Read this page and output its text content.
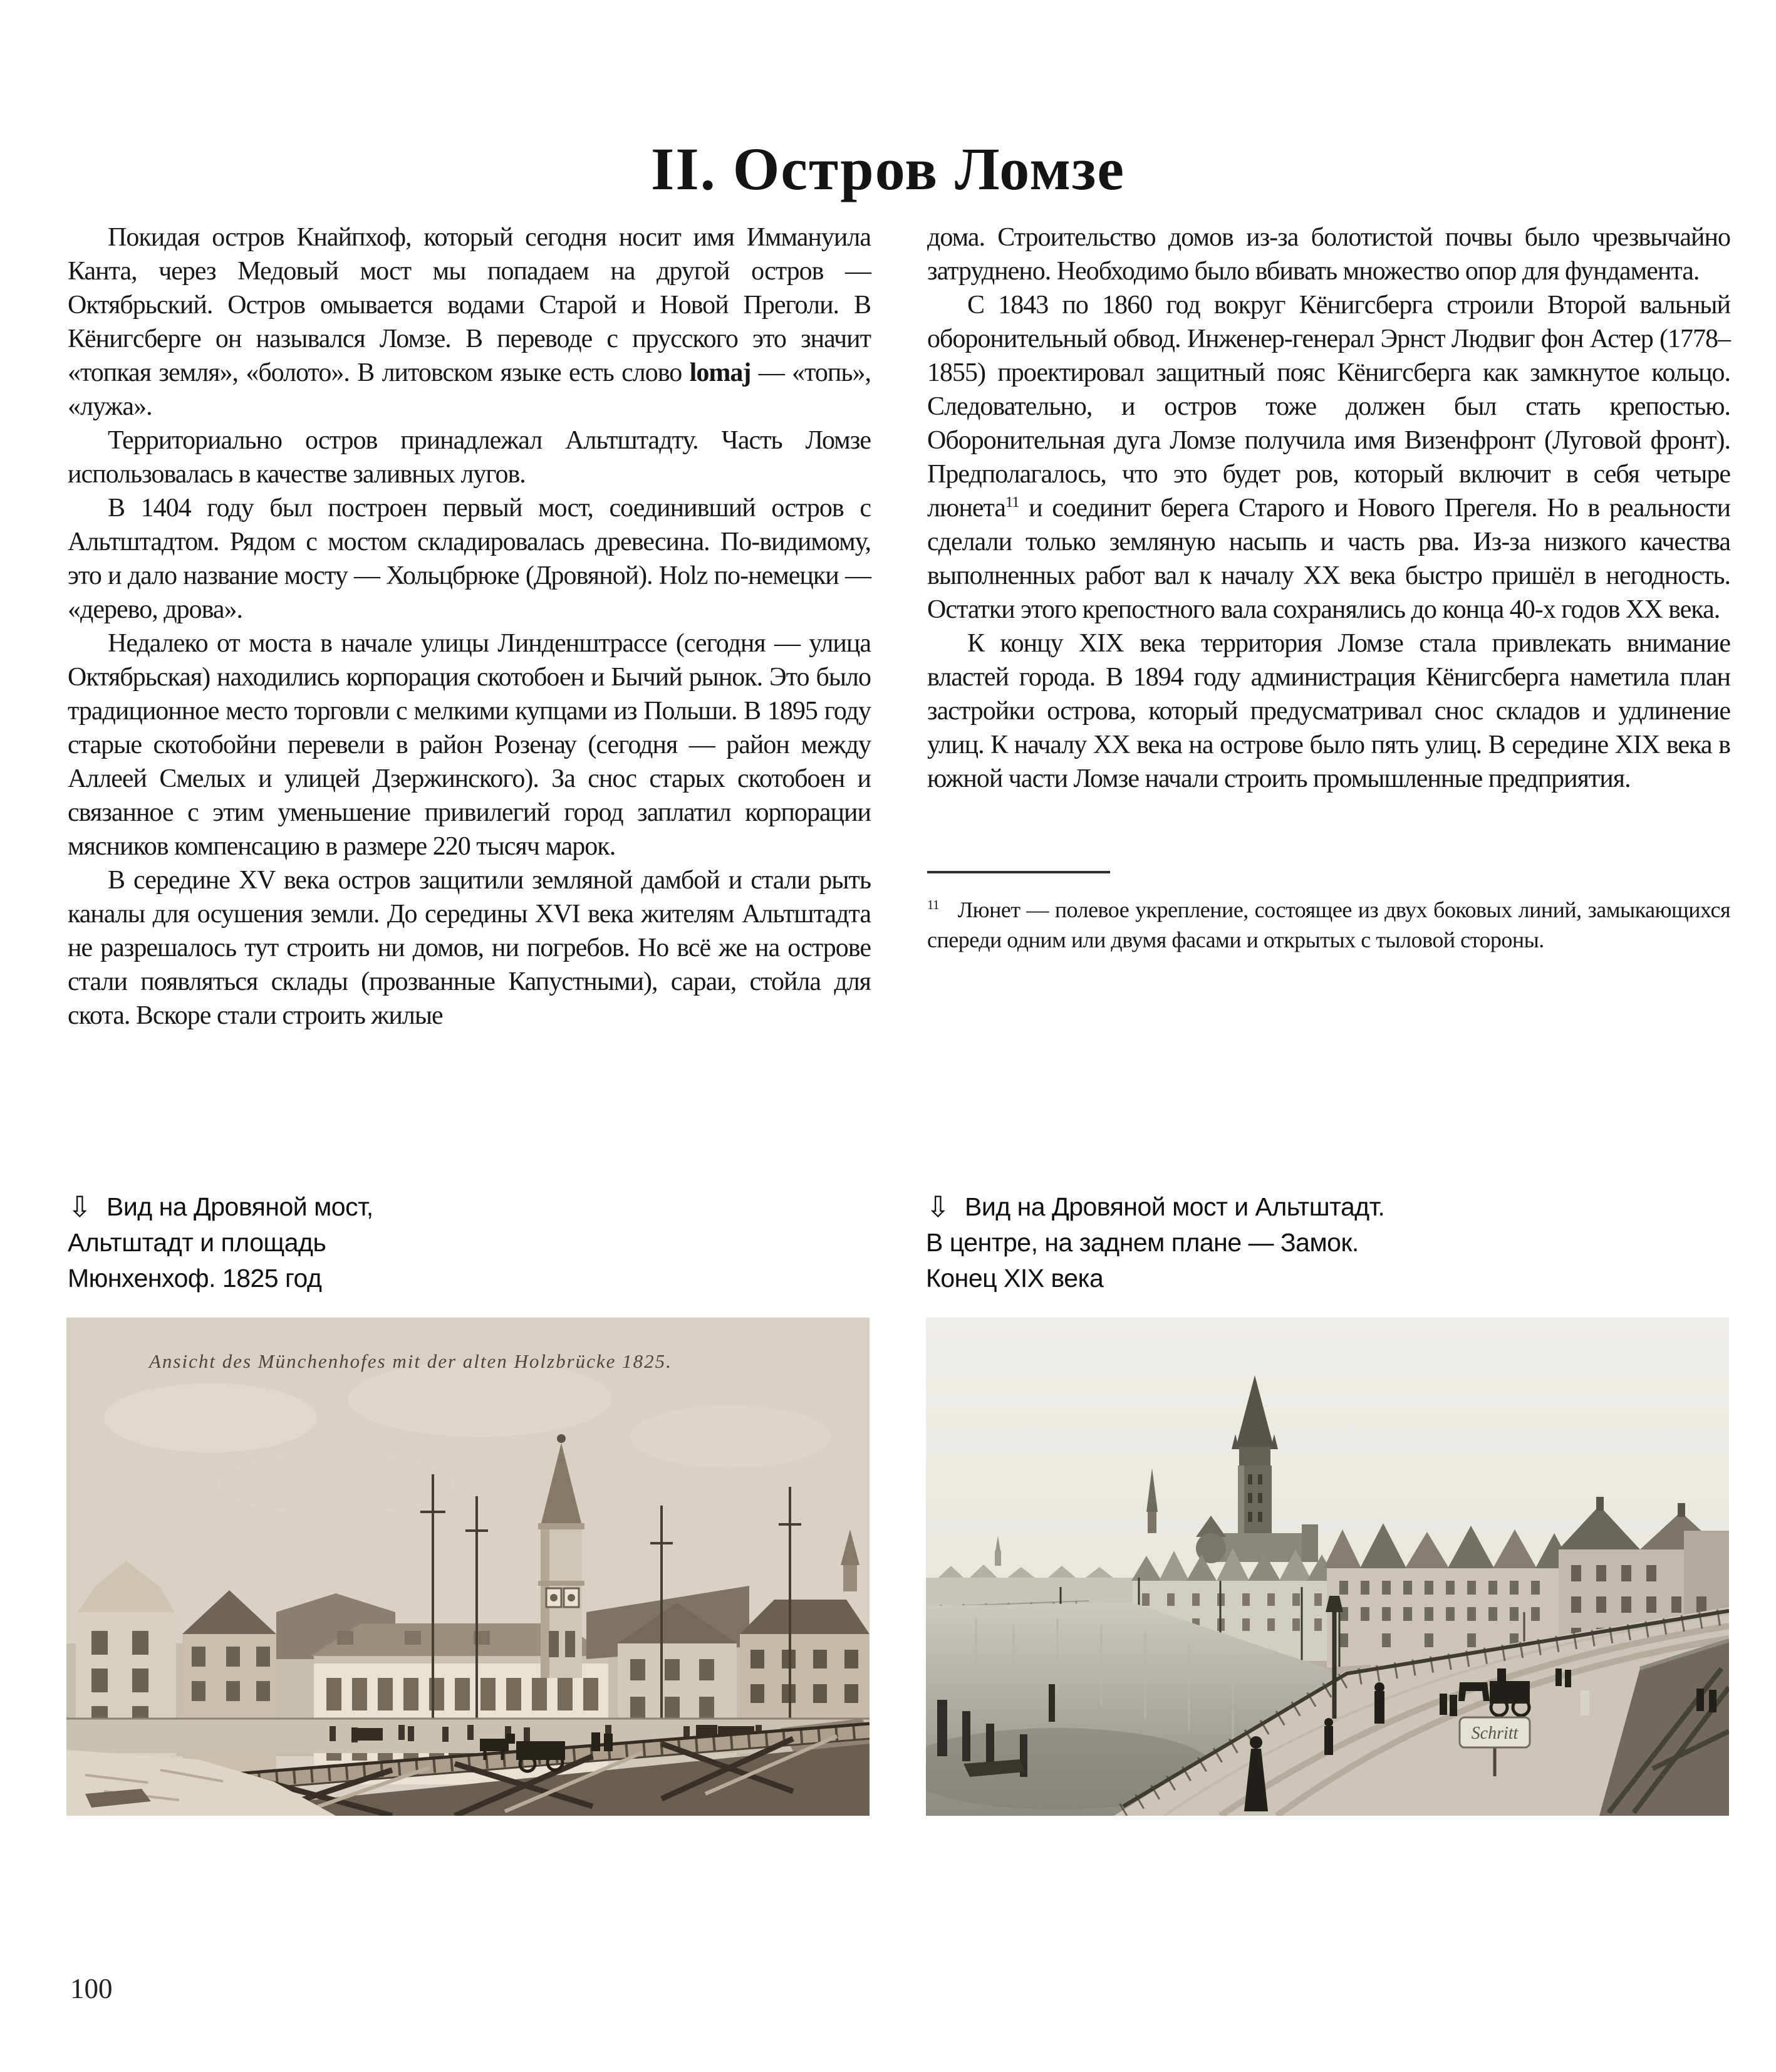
II. Остров Ломзе

Покидая остров Кнайпхоф, который сегодня носит имя Иммануила Канта, через Медовый мост мы попадаем на другой остров — Октябрьский. Остров омывается водами Старой и Новой Преголи. В Кёнигсберге он назывался Ломзе. В переводе с прусского это значит «топкая земля», «болото». В литовском языке есть слово lomaj — «топь», «лужа».

Территориально остров принадлежал Альтштадту. Часть Ломзе использовалась в качестве заливных лугов.

В 1404 году был построен первый мост, соединивший остров с Альтштадтом. Рядом с мостом складировалась древесина. По-видимому, это и дало название мосту — Хольцбрюке (Дровяной). Holz по-немецки — «дерево, дрова».

Недалеко от моста в начале улицы Линденштрассе (сегодня — улица Октябрьская) находились корпорация скотобоен и Бычий рынок. Это было традиционное место торговли с мелкими купцами из Польши. В 1895 году старые скотобойни перевели в район Розенау (сегодня — район между Аллеей Смелых и улицей Дзержинского). За снос старых скотобоен и связанное с этим уменьшение привилегий город заплатил корпорации мясников компенсацию в размере 220 тысяч марок.

В середине XV века остров защитили земляной дамбой и стали рыть каналы для осушения земли. До середины XVI века жителям Альтштадта не разрешалось тут строить ни домов, ни погребов. Но всё же на острове стали появляться склады (прозванные Капустными), сараи, стойла для скота. Вскоре стали строить жилые

дома. Строительство домов из-за болотистой почвы было чрезвычайно затруднено. Необходимо было вбивать множество опор для фундамента.

С 1843 по 1860 год вокруг Кёнигсберга строили Второй вальный оборонительный обвод. Инженер-генерал Эрнст Людвиг фон Астер (1778–1855) проектировал защитный пояс Кёнигсберга как замкнутое кольцо. Следовательно, и остров тоже должен был стать крепостью. Оборонительная дуга Ломзе получила имя Визенфронт (Луговой фронт). Предполагалось, что это будет ров, который включит в себя четыре люнета$^{11}$ и соединит берега Старого и Нового Прегеля. Но в реальности сделали только земляную насыпь и часть рва. Из-за низкого качества выполненных работ вал к началу XX века быстро пришёл в негодность. Остатки этого крепостного вала сохранялись до конца 40-х годов XX века.

К концу XIX века территория Ломзе стала привлекать внимание властей города. В 1894 году администрация Кёнигсберга наметила план застройки острова, который предусматривал снос складов и удлинение улиц. К началу XX века на острове было пять улиц. В середине XIX века в южной части Ломзе начали строить промышленные предприятия.

$^{11}$ Люнет — полевое укрепление, состоящее из двух боковых линий, замыкающихся спереди одним или двумя фасами и открытых с тыловой стороны.

⇩ Вид на Дровяной мост,
Альтштадт и площадь
Мюнхенхоф. 1825 год
⇩ Вид на Дровяной мост и Альтштадт.
В центре, на заднем плане — Замок.
Конец XIX века
Ansicht des Münchenhofes mit der alten Holzbrücke 1825.
Schritt
100
